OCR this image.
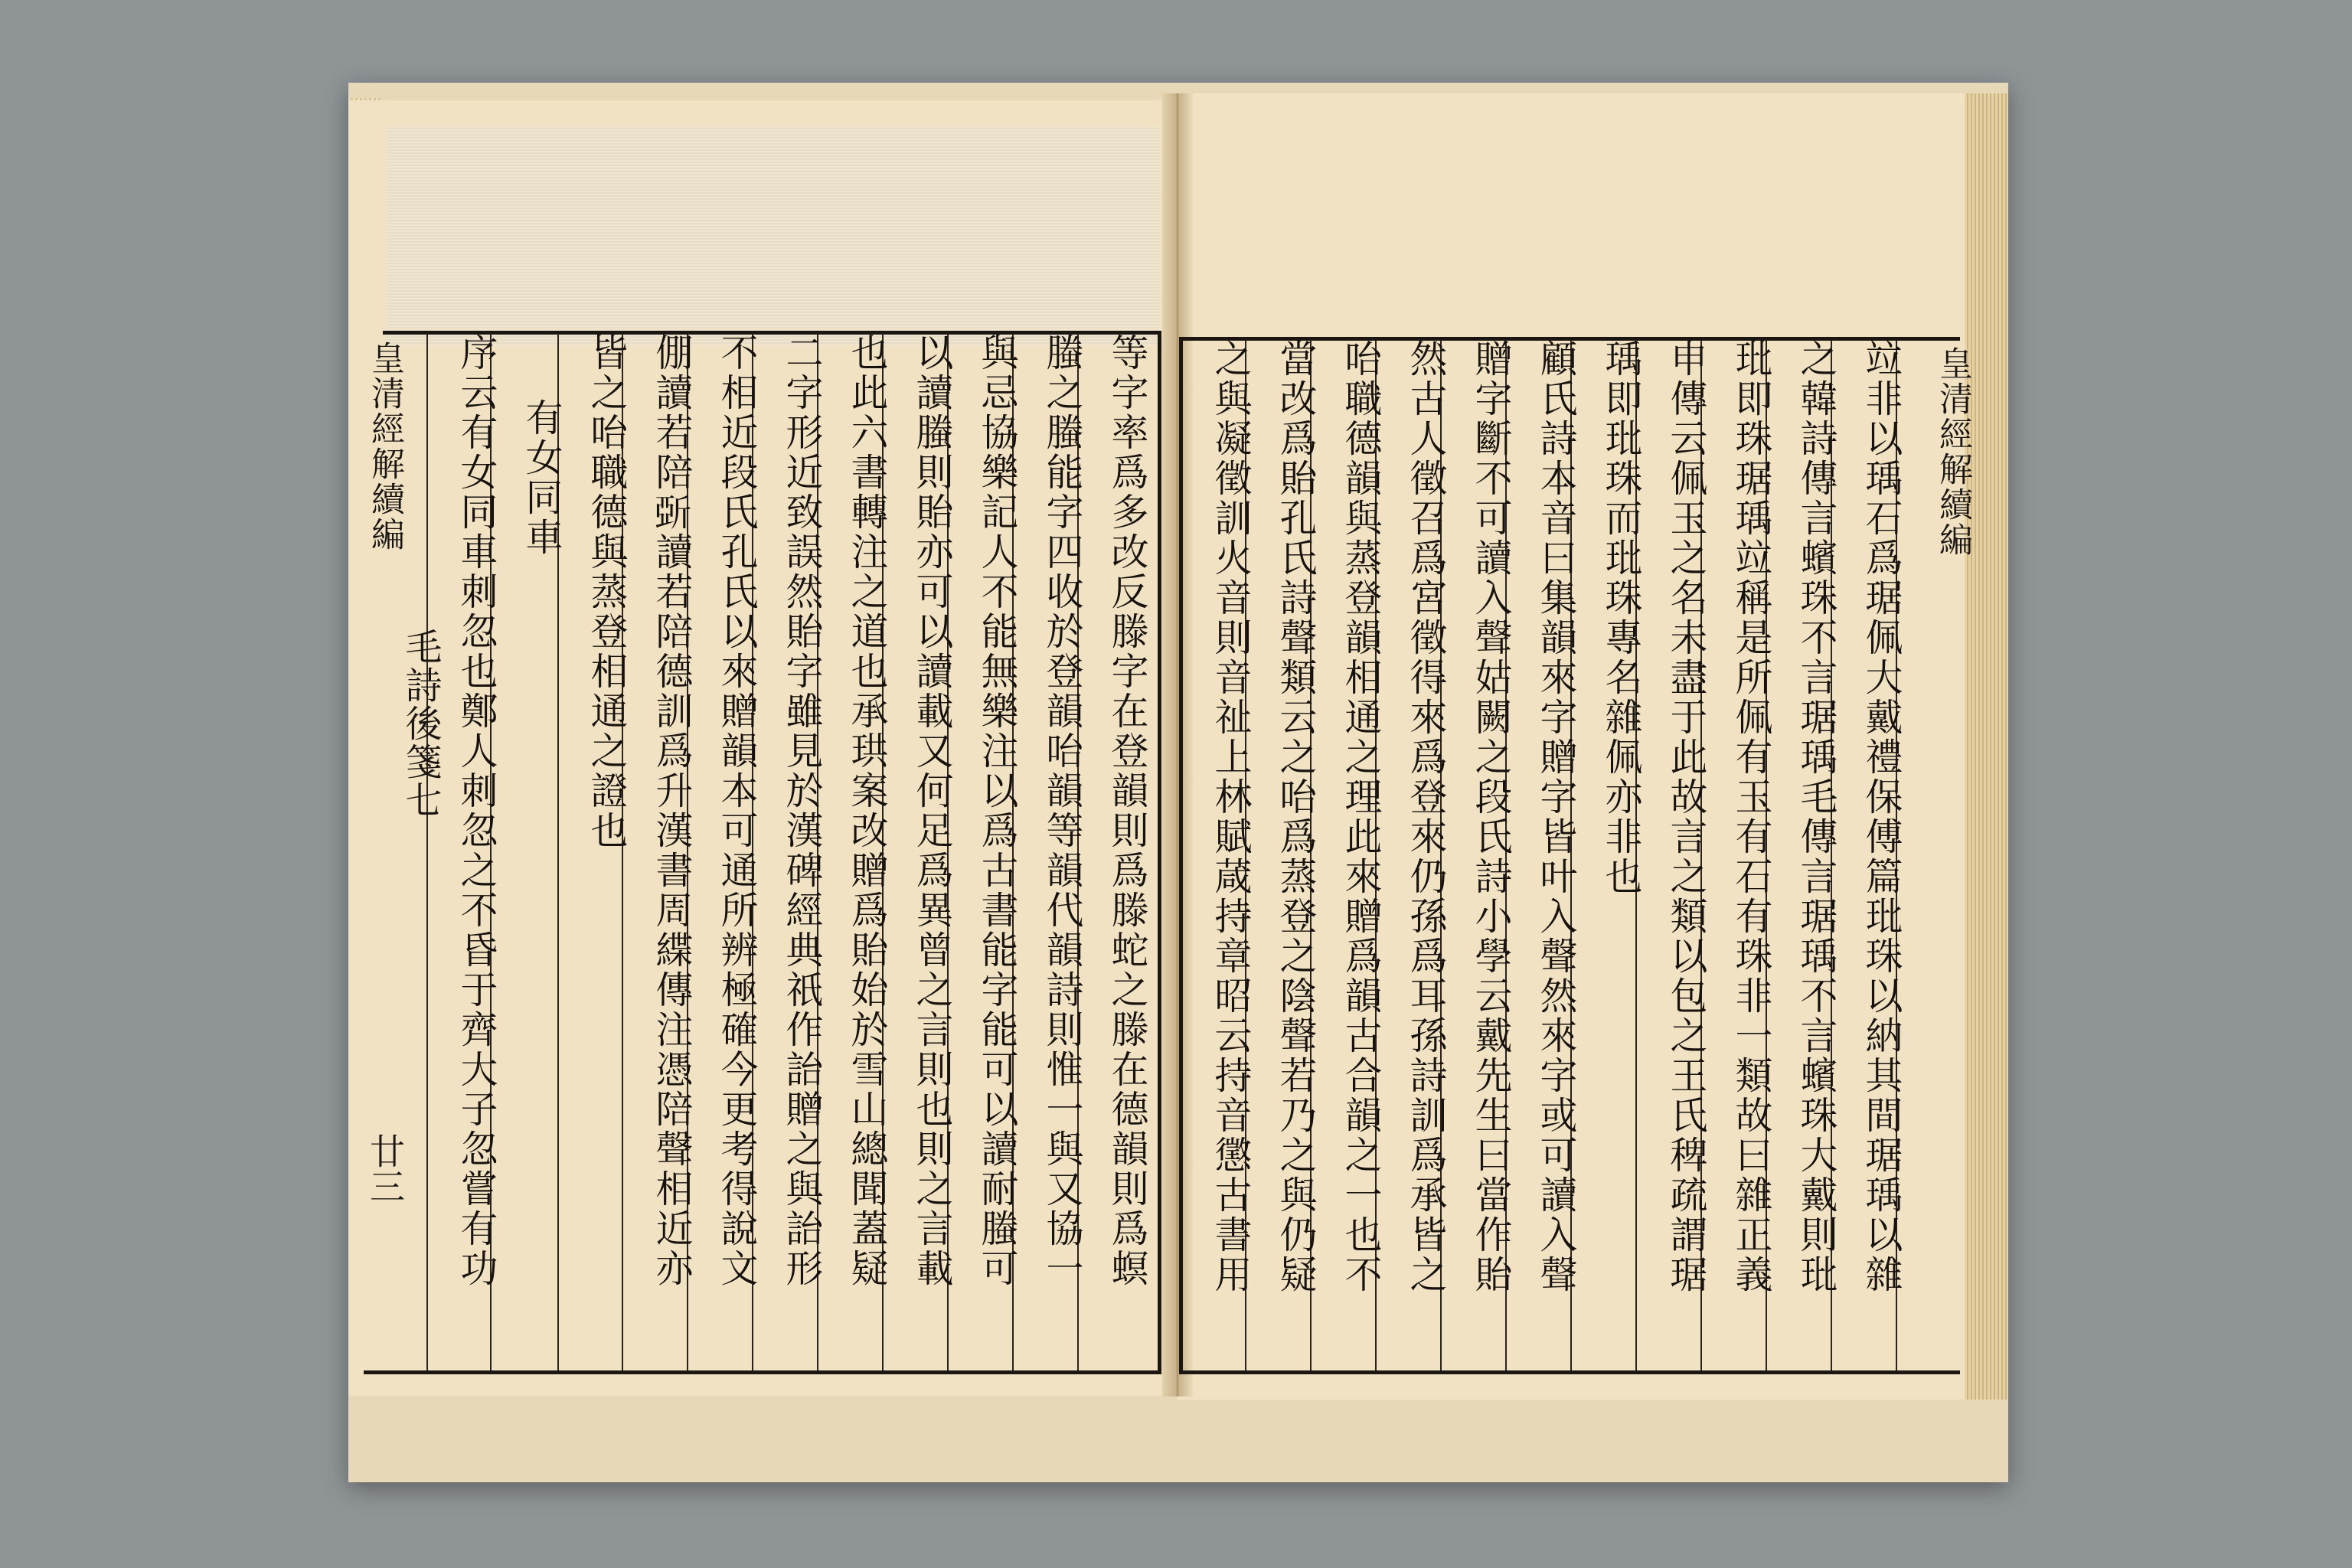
皇清經解續編
毛詩後箋七
廿三
皇清經解續編
等字率爲多改反滕字在登韻則爲滕蛇之滕在德韻則爲螟
螣之螣能字四收於登韻咍韻等韻代韻詩則惟一與又協一
與忌協樂記人不能無樂注以爲古書能字能可以讀耐螣可
以讀螣則貽亦可以讀載又何足爲異曾之言則也則之言載
也此六書轉注之道也承珙案改贈爲貽始於雪山總聞蓋疑
二字形近致誤然貽字雖見於漢碑經典祇作詒贈之與詒形
不相近段氏孔氏以來贈韻本可通所辨極確今更考得說文
倗讀若陪𣂪讀若陪德訓爲升漢書周緤傳注憑陪聲相近亦
皆之咍職德與蒸登相通之證也
有女同車
序云有女同車刺忽也鄭人刺忽之不昏于齊大子忽嘗有功	竝非以瑀石爲琚佩大戴禮保傅篇玭珠以納其間琚瑀以雜
之韓詩傳言蠙珠不言琚瑀毛傳言琚瑀不言蠙珠大戴則玭
玭即珠琚瑀竝稱是所佩有玉有石有珠非一類故曰雜正義
申傳云佩玉之名未盡于此故言之類以包之王氏稗疏謂琚
瑀即玭珠而玭珠專名雜佩亦非也
顧氏詩本音曰集韻來字贈字皆叶入聲然來字或可讀入聲
贈字斷不可讀入聲姑闕之段氏詩小學云戴先生曰當作貽
然古人徵召爲宮徵得來爲登來仍孫爲耳孫詩訓爲承皆之
咍職德韻與蒸登韻相通之理此來贈爲韻古合韻之一也不
當改爲貽孔氏詩聲類云之咍爲蒸登之陰聲若乃之與仍疑
之與凝徵訓火音則音祉上林賦葴持章昭云持音懲古書用
